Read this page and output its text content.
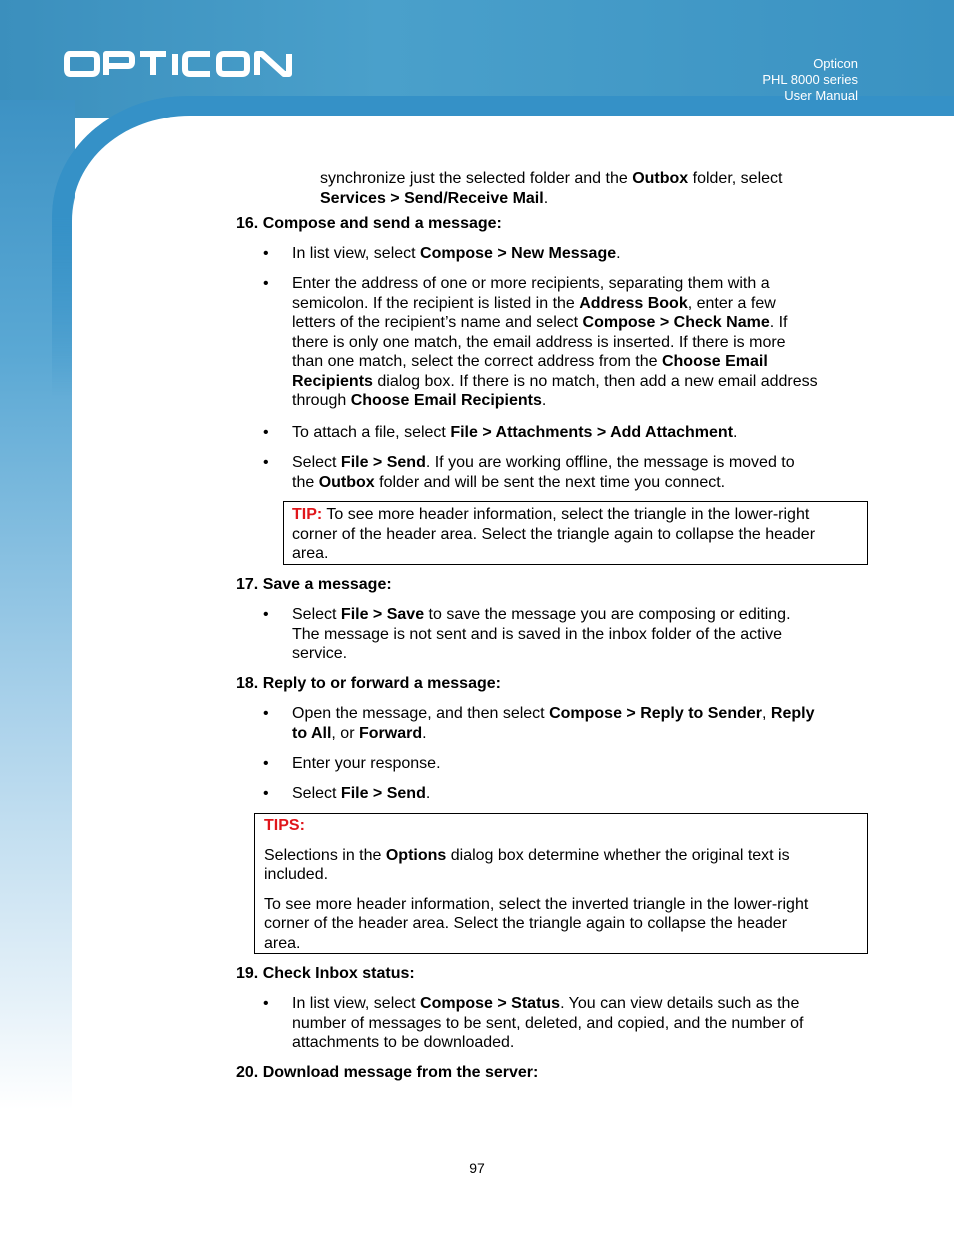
Opticon
PHL 8000 series
User Manual

synchronize just the selected folder and the Outbox folder, select

Services > Send/Receive Mail.

16. Compose and send a message:

• In list view, select Compose > New Message.

• Enter the address of one or more recipients, separating them with a

semicolon. If the recipient is listed in the Address Book, enter a few

letters of the recipient’s name and select Compose > Check Name. If

there is only one match, the email address is inserted. If there is more

than one match, select the correct address from the Choose Email

Recipients dialog box. If there is no match, then add a new email address

through Choose Email Recipients.

• To attach a file, select File > Attachments > Add Attachment.

• Select File > Send. If you are working offline, the message is moved to

the Outbox folder and will be sent the next time you connect.

TIP: To see more header information, select the triangle in the lower-right

corner of the header area. Select the triangle again to collapse the header

area.

17. Save a message:

• Select File > Save to save the message you are composing or editing.

The message is not sent and is saved in the inbox folder of the active

service.

18. Reply to or forward a message:

• Open the message, and then select Compose > Reply to Sender, Reply

to All, or Forward.

• Enter your response.

• Select File > Send.

TIPS:

Selections in the Options dialog box determine whether the original text is

included.

To see more header information, select the inverted triangle in the lower-right

corner of the header area. Select the triangle again to collapse the header

area.

19. Check Inbox status:

• In list view, select Compose > Status. You can view details such as the

number of messages to be sent, deleted, and copied, and the number of

attachments to be downloaded.

20. Download message from the server:

97
